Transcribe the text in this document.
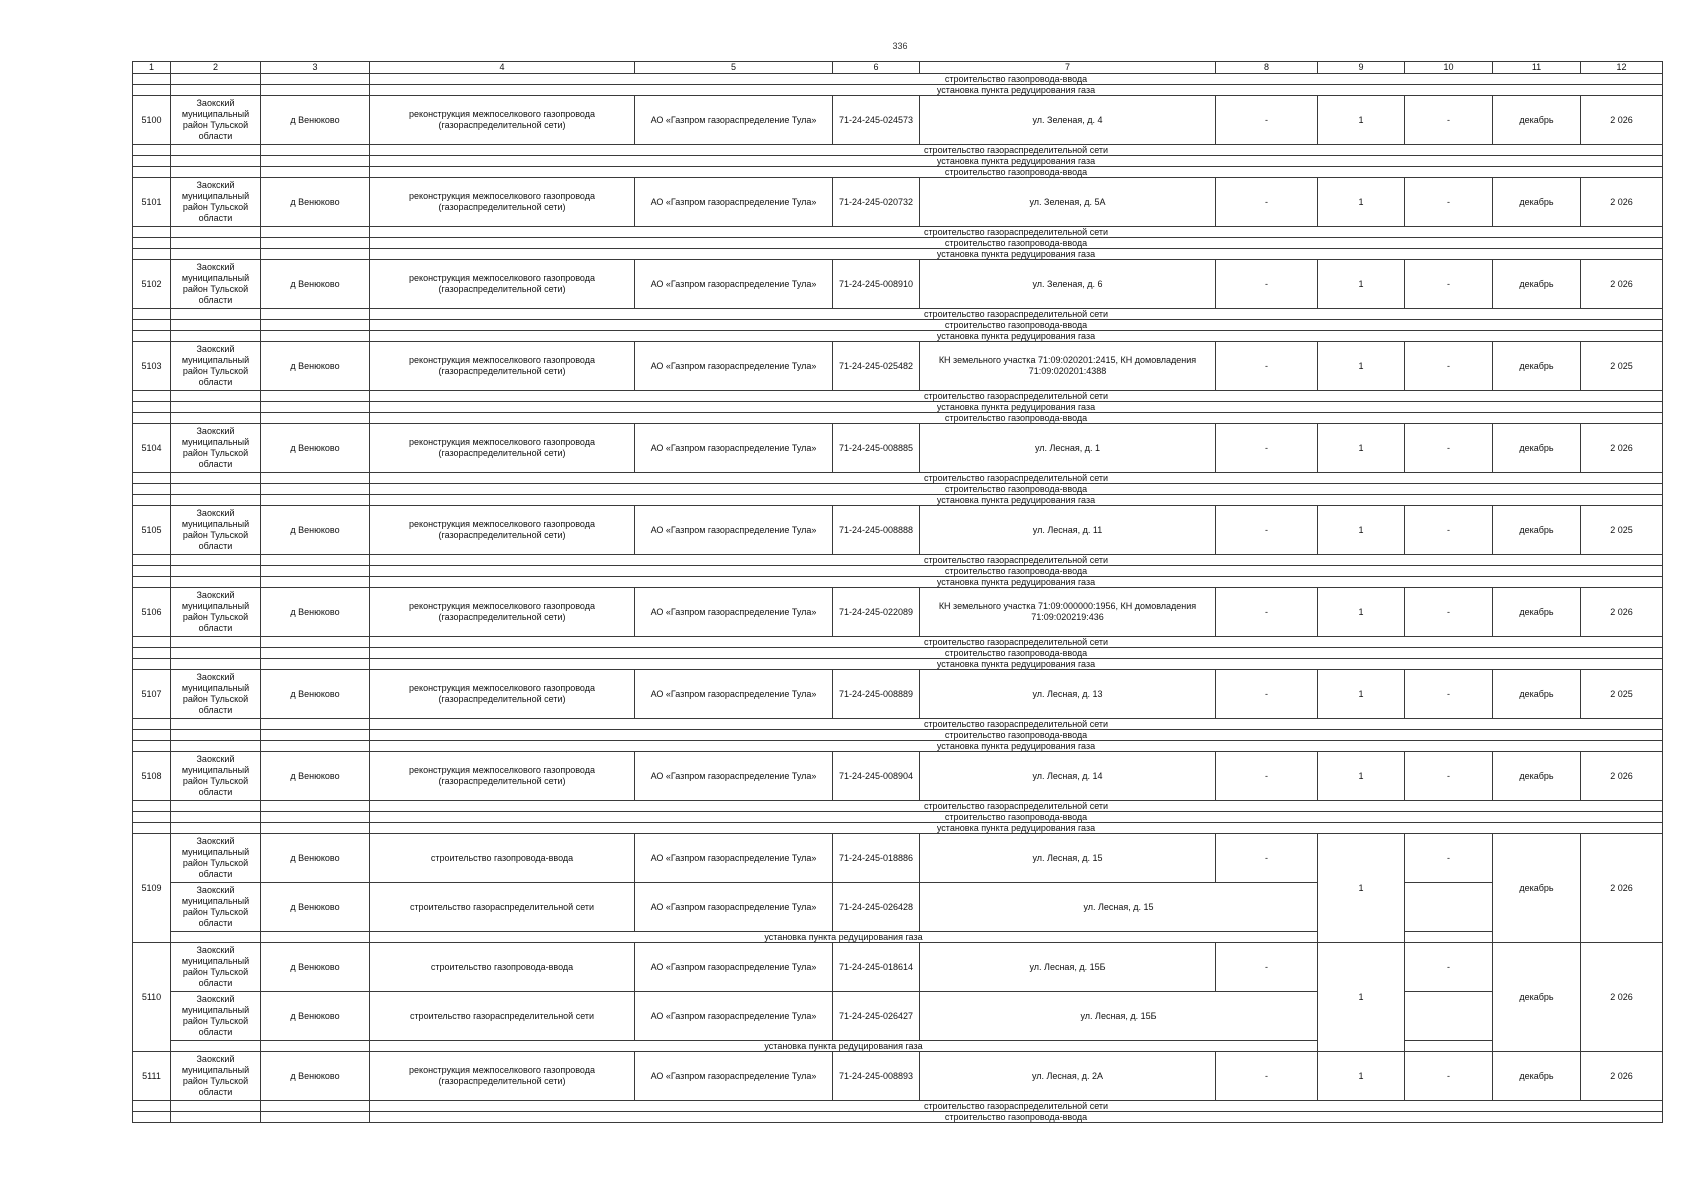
336
1	2	3	4	5	6	7	8	9	10	11	12
			строительство газопровода-ввода								
			установка пункта редуцирования газа								
5100	Заокский муниципальный район Тульской области	д Венюково	реконструкция межпоселкового газопровода (газораспределительной сети)	АО «Газпром газораспределение Тула»	71-24-245-024573	ул. Зеленая, д. 4	-	1	-	декабрь	2 026
			строительство газораспределительной сети								
			установка пункта редуцирования газа								
			строительство газопровода-ввода								
5101	Заокский муниципальный район Тульской области	д Венюково	реконструкция межпоселкового газопровода (газораспределительной сети)	АО «Газпром газораспределение Тула»	71-24-245-020732	ул. Зеленая, д. 5А	-	1	-	декабрь	2 026
			строительство газораспределительной сети								
			строительство газопровода-ввода								
			установка пункта редуцирования газа								
5102	Заокский муниципальный район Тульской области	д Венюково	реконструкция межпоселкового газопровода (газораспределительной сети)	АО «Газпром газораспределение Тула»	71-24-245-008910	ул. Зеленая, д. 6	-	1	-	декабрь	2 026
			строительство газораспределительной сети								
			строительство газопровода-ввода								
			установка пункта редуцирования газа								
5103	Заокский муниципальный район Тульской области	д Венюково	реконструкция межпоселкового газопровода (газораспределительной сети)	АО «Газпром газораспределение Тула»	71-24-245-025482	КН земельного участка 71:09:020201:2415, КН домовладения 71:09:020201:4388	-	1	-	декабрь	2 025
			строительство газораспределительной сети								
			установка пункта редуцирования газа								
			строительство газопровода-ввода								
5104	Заокский муниципальный район Тульской области	д Венюково	реконструкция межпоселкового газопровода (газораспределительной сети)	АО «Газпром газораспределение Тула»	71-24-245-008885	ул. Лесная, д. 1	-	1	-	декабрь	2 026
			строительство газораспределительной сети								
			строительство газопровода-ввода								
			установка пункта редуцирования газа								
5105	Заокский муниципальный район Тульской области	д Венюково	реконструкция межпоселкового газопровода (газораспределительной сети)	АО «Газпром газораспределение Тула»	71-24-245-008888	ул. Лесная, д. 11	-	1	-	декабрь	2 025
			строительство газораспределительной сети								
			строительство газопровода-ввода								
			установка пункта редуцирования газа								
5106	Заокский муниципальный район Тульской области	д Венюково	реконструкция межпоселкового газопровода (газораспределительной сети)	АО «Газпром газораспределение Тула»	71-24-245-022089	КН земельного участка 71:09:000000:1956, КН домовладения 71:09:020219:436	-	1	-	декабрь	2 026
			строительство газораспределительной сети								
			строительство газопровода-ввода								
			установка пункта редуцирования газа								
5107	Заокский муниципальный район Тульской области	д Венюково	реконструкция межпоселкового газопровода (газораспределительной сети)	АО «Газпром газораспределение Тула»	71-24-245-008889	ул. Лесная, д. 13	-	1	-	декабрь	2 025
			строительство газораспределительной сети								
			строительство газопровода-ввода								
			установка пункта редуцирования газа								
5108	Заокский муниципальный район Тульской области	д Венюково	реконструкция межпоселкового газопровода (газораспределительной сети)	АО «Газпром газораспределение Тула»	71-24-245-008904	ул. Лесная, д. 14	-	1	-	декабрь	2 026
			строительство газораспределительной сети								
			строительство газопровода-ввода								
			установка пункта редуцирования газа								
5109	Заокский муниципальный район Тульской области	д Венюково	строительство газопровода-ввода	АО «Газпром газораспределение Тула»	71-24-245-018886	ул. Лесная, д. 15	-	1	-	декабрь	2 026
	Заокский муниципальный район Тульской области	д Венюково	строительство газораспределительной сети	АО «Газпром газораспределение Тула»	71-24-245-026428	ул. Лесная, д. 15					
			установка пункта редуцирования газа								
5110	Заокский муниципальный район Тульской области	д Венюково	строительство газопровода-ввода	АО «Газпром газораспределение Тула»	71-24-245-018614	ул. Лесная, д. 15Б	-	1	-	декабрь	2 026
	Заокский муниципальный район Тульской области	д Венюково	строительство газораспределительной сети	АО «Газпром газораспределение Тула»	71-24-245-026427	ул. Лесная, д. 15Б					
			установка пункта редуцирования газа								
5111	Заокский муниципальный район Тульской области	д Венюково	реконструкция межпоселкового газопровода (газораспределительной сети)	АО «Газпром газораспределение Тула»	71-24-245-008893	ул. Лесная, д. 2А	-	1	-	декабрь	2 026
			строительство газораспределительной сети								
			строительство газопровода-ввода								
